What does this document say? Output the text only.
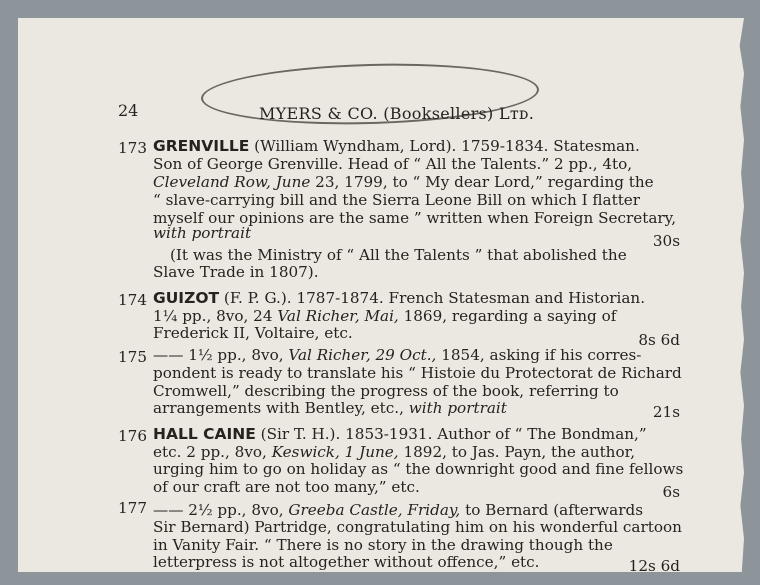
24	MYERS & CO. (Booksellers) Lᴛᴅ.
173 GRENVILLE (William Wyndham, Lord). 1759-1834. Statesman.
Son of George Grenville. Head of “ All the Talents.” 2 pp., 4to,
Cleveland Row, June 23, 1799, to “ My dear Lord,” regarding the
“ slave-carrying bill and the Sierra Leone Bill on which I flatter
myself our opinions are the same ” written when Foreign Secretary,
with portrait	30s
(It was the Ministry of “ All the Talents ” that abolished the
Slave Trade in 1807).
174 GUIZOT (F. P. G.). 1787-1874. French Statesman and Historian.
1¼ pp., 8vo, 24 Val Richer, Mai, 1869, regarding a saying of
Frederick II, Voltaire, etc.	8s 6d
175 —— 1½ pp., 8vo, Val Richer, 29 Oct., 1854, asking if his corres-
pondent is ready to translate his “ Histoie du Protectorat de Richard
Cromwell,” describing the progress of the book, referring to
arrangements with Bentley, etc., with portrait	21s
176 HALL CAINE (Sir T. H.). 1853-1931. Author of “ The Bondman,”
etc. 2 pp., 8vo, Keswick, 1 June, 1892, to Jas. Payn, the author,
urging him to go on holiday as “ the downright good and fine fellows
of our craft are not too many,” etc.	6s
177 —— 2½ pp., 8vo, Greeba Castle, Friday, to Bernard (afterwards
Sir Bernard) Partridge, congratulating him on his wonderful cartoon
in Vanity Fair. “ There is no story in the drawing though the
letterpress is not altogether without offence,” etc.	12s 6d
